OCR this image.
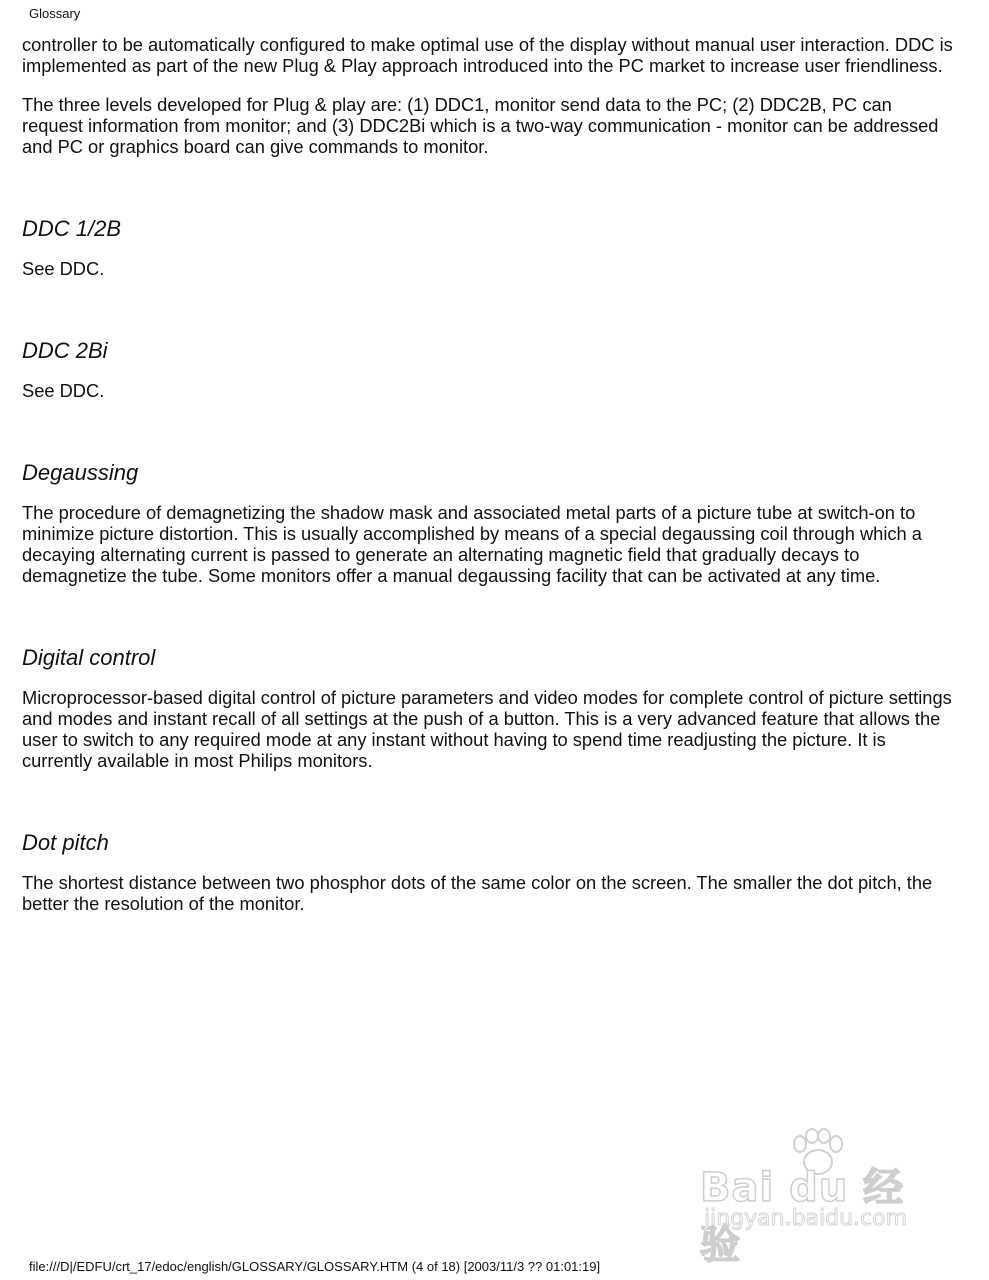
Glossary

controller to be automatically configured to make optimal use of the display without manual user interaction. DDC is implemented as part of the new Plug & Play approach introduced into the PC market to increase user friendliness.

The three levels developed for Plug & play are: (1) DDC1, monitor send data to the PC; (2) DDC2B, PC can request information from monitor; and (3) DDC2Bi which is a two-way communication - monitor can be addressed and PC or graphics board can give commands to monitor.

DDC 1/2B

See DDC.

DDC 2Bi

See DDC.

Degaussing

The procedure of demagnetizing the shadow mask and associated metal parts of a picture tube at switch-on to minimize picture distortion. This is usually accomplished by means of a special degaussing coil through which a decaying alternating current is passed to generate an alternating magnetic field that gradually decays to demagnetize the tube. Some monitors offer a manual degaussing facility that can be activated at any time.

Digital control

Microprocessor-based digital control of picture parameters and video modes for complete control of picture settings and modes and instant recall of all settings at the push of a button. This is a very advanced feature that allows the user to switch to any required mode at any instant without having to spend time readjusting the picture. It is currently available in most Philips monitors.

Dot pitch

The shortest distance between two phosphor dots of the same color on the screen. The smaller the dot pitch, the better the resolution of the monitor.

Bai du 经验
jingyan.baidu.com
file:///D|/EDFU/crt_17/edoc/english/GLOSSARY/GLOSSARY.HTM (4 of 18) [2003/11/3 ?? 01:01:19]
